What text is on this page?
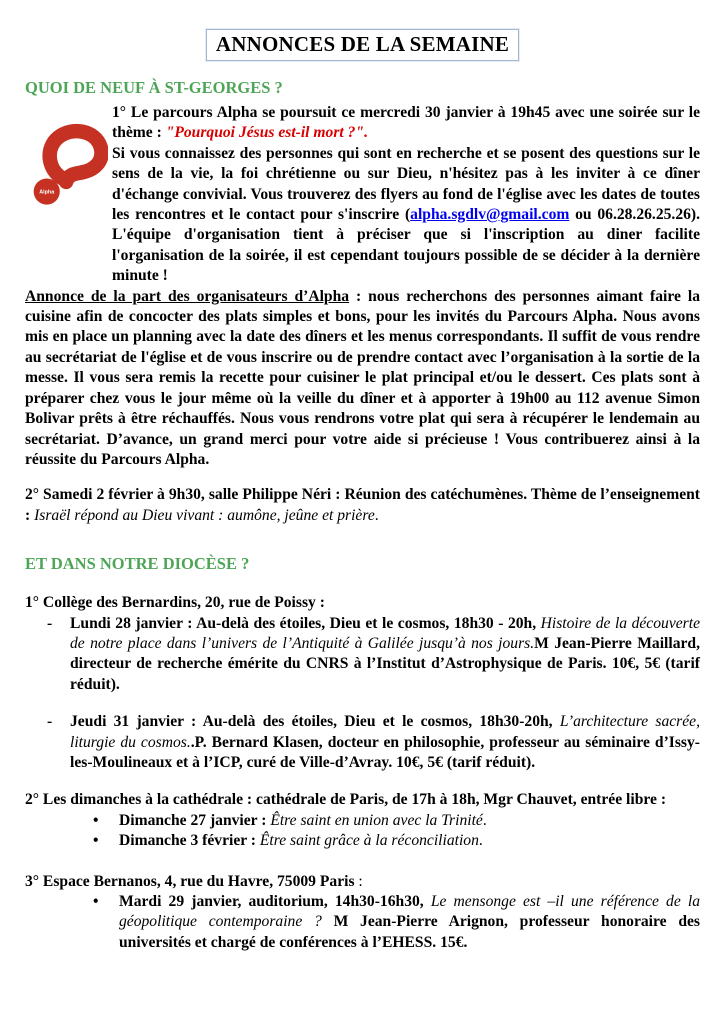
ANNONCES DE LA SEMAINE
QUOI DE NEUF À ST-GEORGES ?
Alpha

1° Le parcours Alpha se poursuit ce mercredi 30 janvier à 19h45 avec une soirée sur le thème : "Pourquoi Jésus est-il mort ?".

Si vous connaissez des personnes qui sont en recherche et se posent des questions sur le sens de la vie, la foi chrétienne ou sur Dieu, n'hésitez pas à les inviter à ce dîner d'échange convivial. Vous trouverez des flyers au fond de l'église avec les dates de toutes les rencontres et le contact pour s'inscrire (alpha.sgdlv@gmail.com ou 06.28.26.25.26). L'équipe d'organisation tient à préciser que si l'inscription au diner facilite l'organisation de la soirée, il est cependant toujours possible de se décider à la dernière minute !

Annonce de la part des organisateurs d’Alpha : nous recherchons des personnes aimant faire la cuisine afin de concocter des plats simples et bons, pour les invités du Parcours Alpha. Nous avons mis en place un planning avec la date des dîners et les menus correspondants. Il suffit de vous rendre au secrétariat de l'église et de vous inscrire ou de prendre contact avec l’organisation à la sortie de la messe. Il vous sera remis la recette pour cuisiner le plat principal et/ou le dessert. Ces plats sont à préparer chez vous le jour même où la veille du dîner et à apporter à 19h00 au 112 avenue Simon Bolivar prêts à être réchauffés. Nous vous rendrons votre plat qui sera à récupérer le lendemain au secrétariat. D’avance, un grand merci pour votre aide si précieuse ! Vous contribuerez ainsi à la réussite du Parcours Alpha.

2° Samedi 2 février à 9h30, salle Philippe Néri : Réunion des catéchumènes. Thème de l’enseignement : Israël répond au Dieu vivant : aumône, jeûne et prière.

ET DANS NOTRE DIOCÈSE ?

1° Collège des Bernardins, 20, rue de Poissy :

-	Lundi 28 janvier : Au-delà des étoiles, Dieu et le cosmos, 18h30 - 20h, Histoire de la découverte de notre place dans l’univers de l’Antiquité à Galilée jusqu’à nos jours.M Jean-Pierre Maillard, directeur de recherche émérite du CNRS à l’Institut d’Astrophysique de Paris. 10€, 5€ (tarif réduit).
-	Jeudi 31 janvier : Au-delà des étoiles, Dieu et le cosmos, 18h30-20h, L’architecture sacrée, liturgie du cosmos..P. Bernard Klasen, docteur en philosophie, professeur au séminaire d’Issy-les-Moulineaux et à l’ICP, curé de Ville-d’Avray. 10€, 5€ (tarif réduit).

2° Les dimanches à la cathédrale : cathédrale de Paris, de 17h à 18h, Mgr Chauvet, entrée libre :

•	Dimanche 27 janvier : Être saint en union avec la Trinité.
•	Dimanche 3 février : Être saint grâce à la réconciliation.

3° Espace Bernanos, 4, rue du Havre, 75009 Paris :

•	Mardi 29 janvier, auditorium, 14h30-16h30, Le mensonge est –il une référence de la géopolitique contemporaine ? M Jean-Pierre Arignon, professeur honoraire des universités et chargé de conférences à l’EHESS. 15€.
